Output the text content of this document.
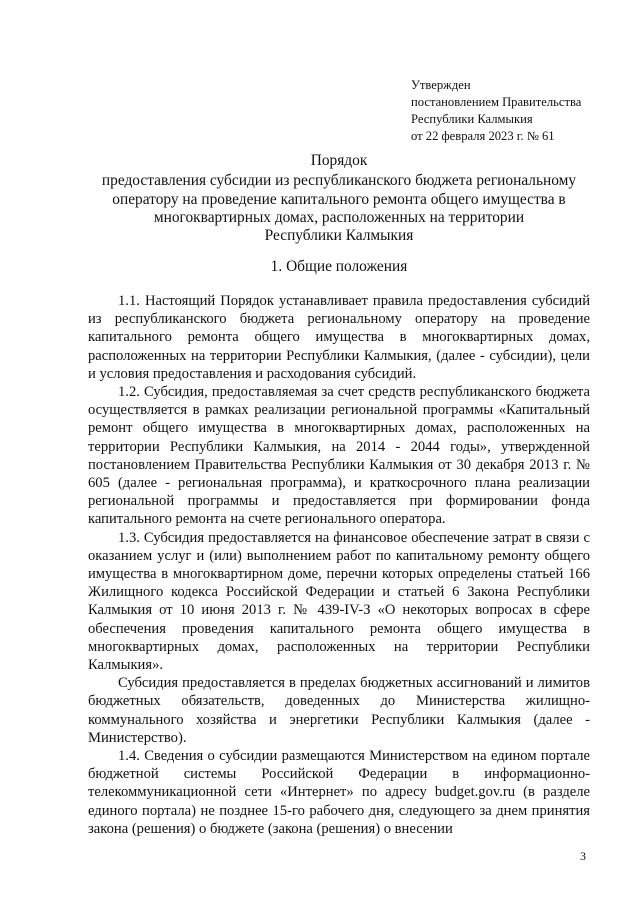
Утвержден
постановлением Правительства
Республики Калмыкия
от 22 февраля 2023 г. № 61
Порядок
предоставления субсидии из республиканского бюджета региональному
оператору на проведение капитального ремонта общего имущества в
многоквартирных домах, расположенных на территории
Республики Калмыкия
1. Общие положения

1.1. Настоящий Порядок устанавливает правила предоставления субсидий из республиканского бюджета региональному оператору на проведение капитального ремонта общего имущества в многоквартирных домах, расположенных на территории Республики Калмыкия, (далее - субсидии), цели и условия предоставления и расходования субсидий.

1.2. Субсидия, предоставляемая за счет средств республиканского бюджета осуществляется в рамках реализации региональной программы «Капитальный ремонт общего имущества в многоквартирных домах, расположенных на территории Республики Калмыкия, на 2014 - 2044 годы», утвержденной постановлением Правительства Республики Калмыкия от 30 декабря 2013 г. № 605 (далее - региональная программа), и краткосрочного плана реализации региональной программы и предоставляется при формировании фонда капитального ремонта на счете регионального оператора.

1.3. Субсидия предоставляется на финансовое обеспечение затрат в связи с оказанием услуг и (или) выполнением работ по капитальному ремонту общего имущества в многоквартирном доме, перечни которых определены статьей 166 Жилищного кодекса Российской Федерации и статьей 6 Закона Республики Калмыкия от 10 июня 2013 г. № 439-IV-З «О некоторых вопросах в сфере обеспечения проведения капитального ремонта общего имущества в многоквартирных домах, расположенных на территории Республики Калмыкия».

Субсидия предоставляется в пределах бюджетных ассигнований и лимитов бюджетных обязательств, доведенных до Министерства жилищно-коммунального хозяйства и энергетики Республики Калмыкия (далее - Министерство).

1.4. Сведения о субсидии размещаются Министерством на едином портале бюджетной системы Российской Федерации в информационно-телекоммуникационной сети «Интернет» по адресу budget.gov.ru (в разделе единого портала) не позднее 15-го рабочего дня, следующего за днем принятия закона (решения) о бюджете (закона (решения) о внесении

3
